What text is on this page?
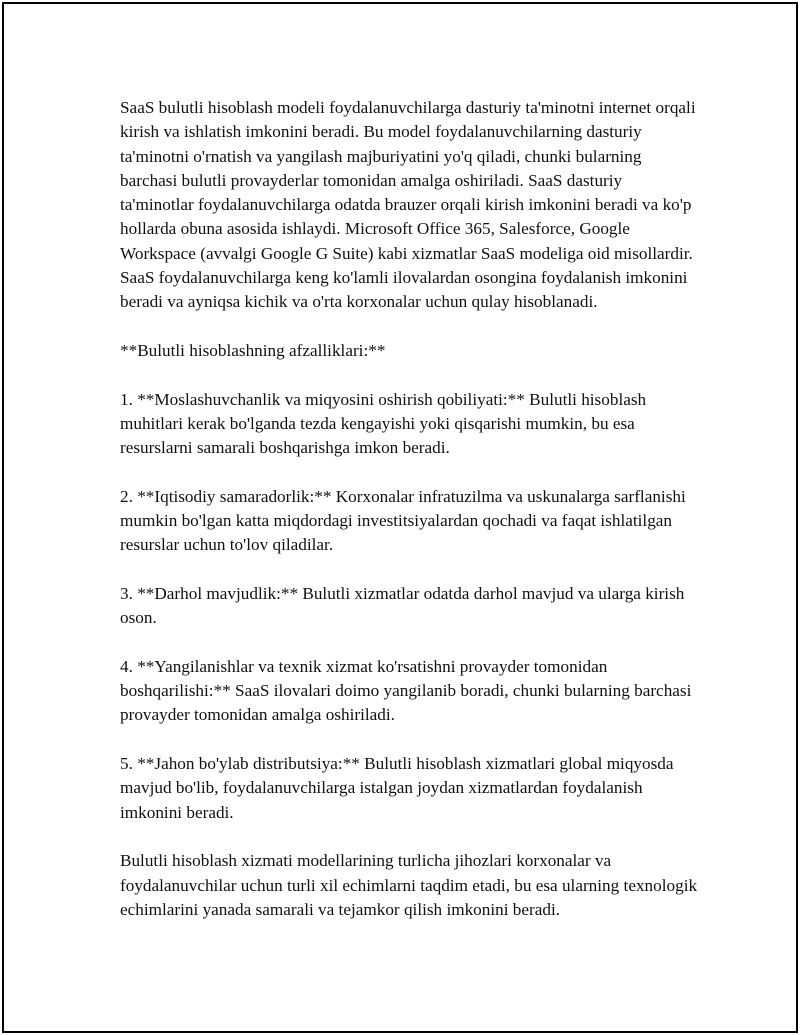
SaaS bulutli hisoblash modeli foydalanuvchilarga dasturiy ta'minotni internet orqali kirish va ishlatish imkonini beradi. Bu model foydalanuvchilarning dasturiy ta'minotni o'rnatish va yangilash majburiyatini yo'q qiladi, chunki bularning barchasi bulutli provayderlar tomonidan amalga oshiriladi. SaaS dasturiy ta'minotlar foydalanuvchilarga odatda brauzer orqali kirish imkonini beradi va ko'p hollarda obuna asosida ishlaydi. Microsoft Office 365, Salesforce, Google Workspace (avvalgi Google G Suite) kabi xizmatlar SaaS modeliga oid misollardir. SaaS foydalanuvchilarga keng ko'lamli ilovalardan osongina foydalanish imkonini beradi va ayniqsa kichik va o'rta korxonalar uchun qulay hisoblanadi.

**Bulutli hisoblashning afzalliklari:**

1. **Moslashuvchanlik va miqyosini oshirish qobiliyati:** Bulutli hisoblash muhitlari kerak bo'lganda tezda kengayishi yoki qisqarishi mumkin, bu esa resurslarni samarali boshqarishga imkon beradi.

2. **Iqtisodiy samaradorlik:** Korxonalar infratuzilma va uskunalarga sarflanishi mumkin bo'lgan katta miqdordagi investitsiyalardan qochadi va faqat ishlatilgan resurslar uchun to'lov qiladilar.

3. **Darhol mavjudlik:** Bulutli xizmatlar odatda darhol mavjud va ularga kirish oson.

4. **Yangilanishlar va texnik xizmat ko'rsatishni provayder tomonidan boshqarilishi:** SaaS ilovalari doimo yangilanib boradi, chunki bularning barchasi provayder tomonidan amalga oshiriladi.

5. **Jahon bo'ylab distributsiya:** Bulutli hisoblash xizmatlari global miqyosda mavjud bo'lib, foydalanuvchilarga istalgan joydan xizmatlardan foydalanish imkonini beradi.

Bulutli hisoblash xizmati modellarining turlicha jihozlari korxonalar va foydalanuvchilar uchun turli xil echimlarni taqdim etadi, bu esa ularning texnologik echimlarini yanada samarali va tejamkor qilish imkonini beradi.
